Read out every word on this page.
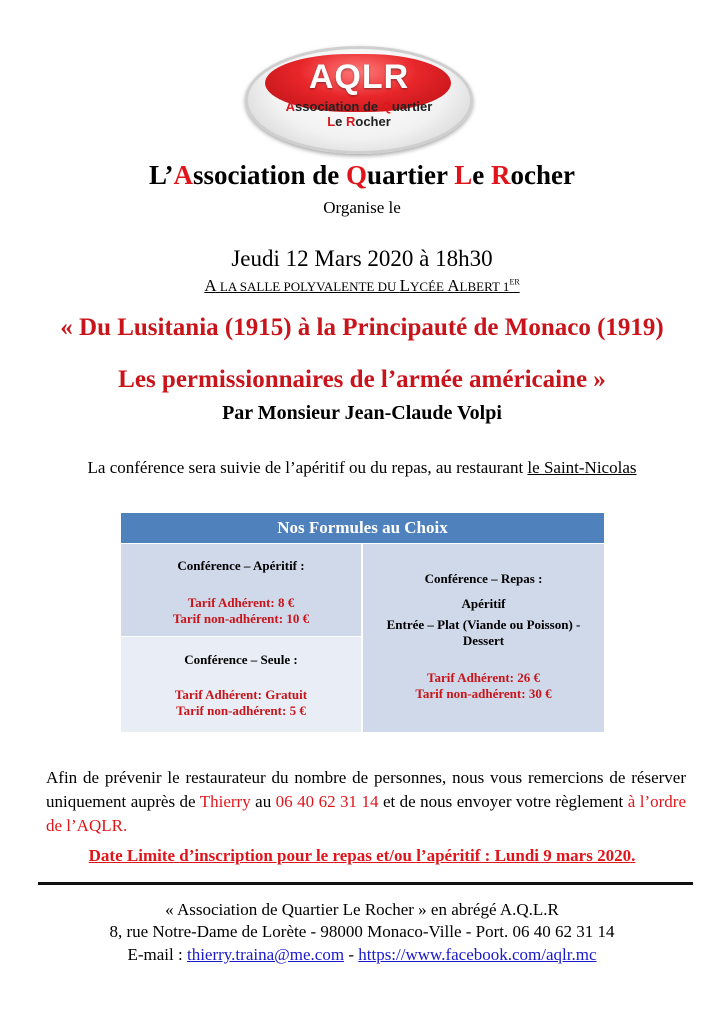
AQLR
Association de Quartier
Le Rocher
L’Association de Quartier Le Rocher
Organise le
Jeudi 12 Mars 2020 à 18h30
A LA SALLE POLYVALENTE DU LYCÉE ALBERT 1ER
« Du Lusitania (1915) à la Principauté de Monaco (1919)
Les permissionnaires de l’armée américaine »
Par Monsieur Jean-Claude Volpi
La conférence sera suivie de l’apéritif ou du repas, au restaurant le Saint-Nicolas
Nos Formules au Choix

Conférence – Apéritif :

Tarif Adhérent: 8 €

Tarif non-adhérent: 10 €

Conférence – Seule :

Tarif Adhérent: Gratuit

Tarif non-adhérent: 5 €

Conférence – Repas :

Apéritif

Entrée – Plat (Viande ou Poisson) -

Dessert

Tarif Adhérent: 26 €

Tarif non-adhérent: 30 €

Afin de prévenir le restaurateur du nombre de personnes, nous vous remercions de réserver uniquement auprès de Thierry au 06 40 62 31 14 et de nous envoyer votre règlement à l’ordre de l’AQLR.
Date Limite d’inscription pour le repas et/ou l’apéritif : Lundi 9 mars 2020.
« Association de Quartier Le Rocher » en abrégé A.Q.L.R
8, rue Notre-Dame de Lorète - 98000 Monaco-Ville - Port. 06 40 62 31 14
E-mail : thierry.traina@me.com - https://www.facebook.com/aqlr.mc
